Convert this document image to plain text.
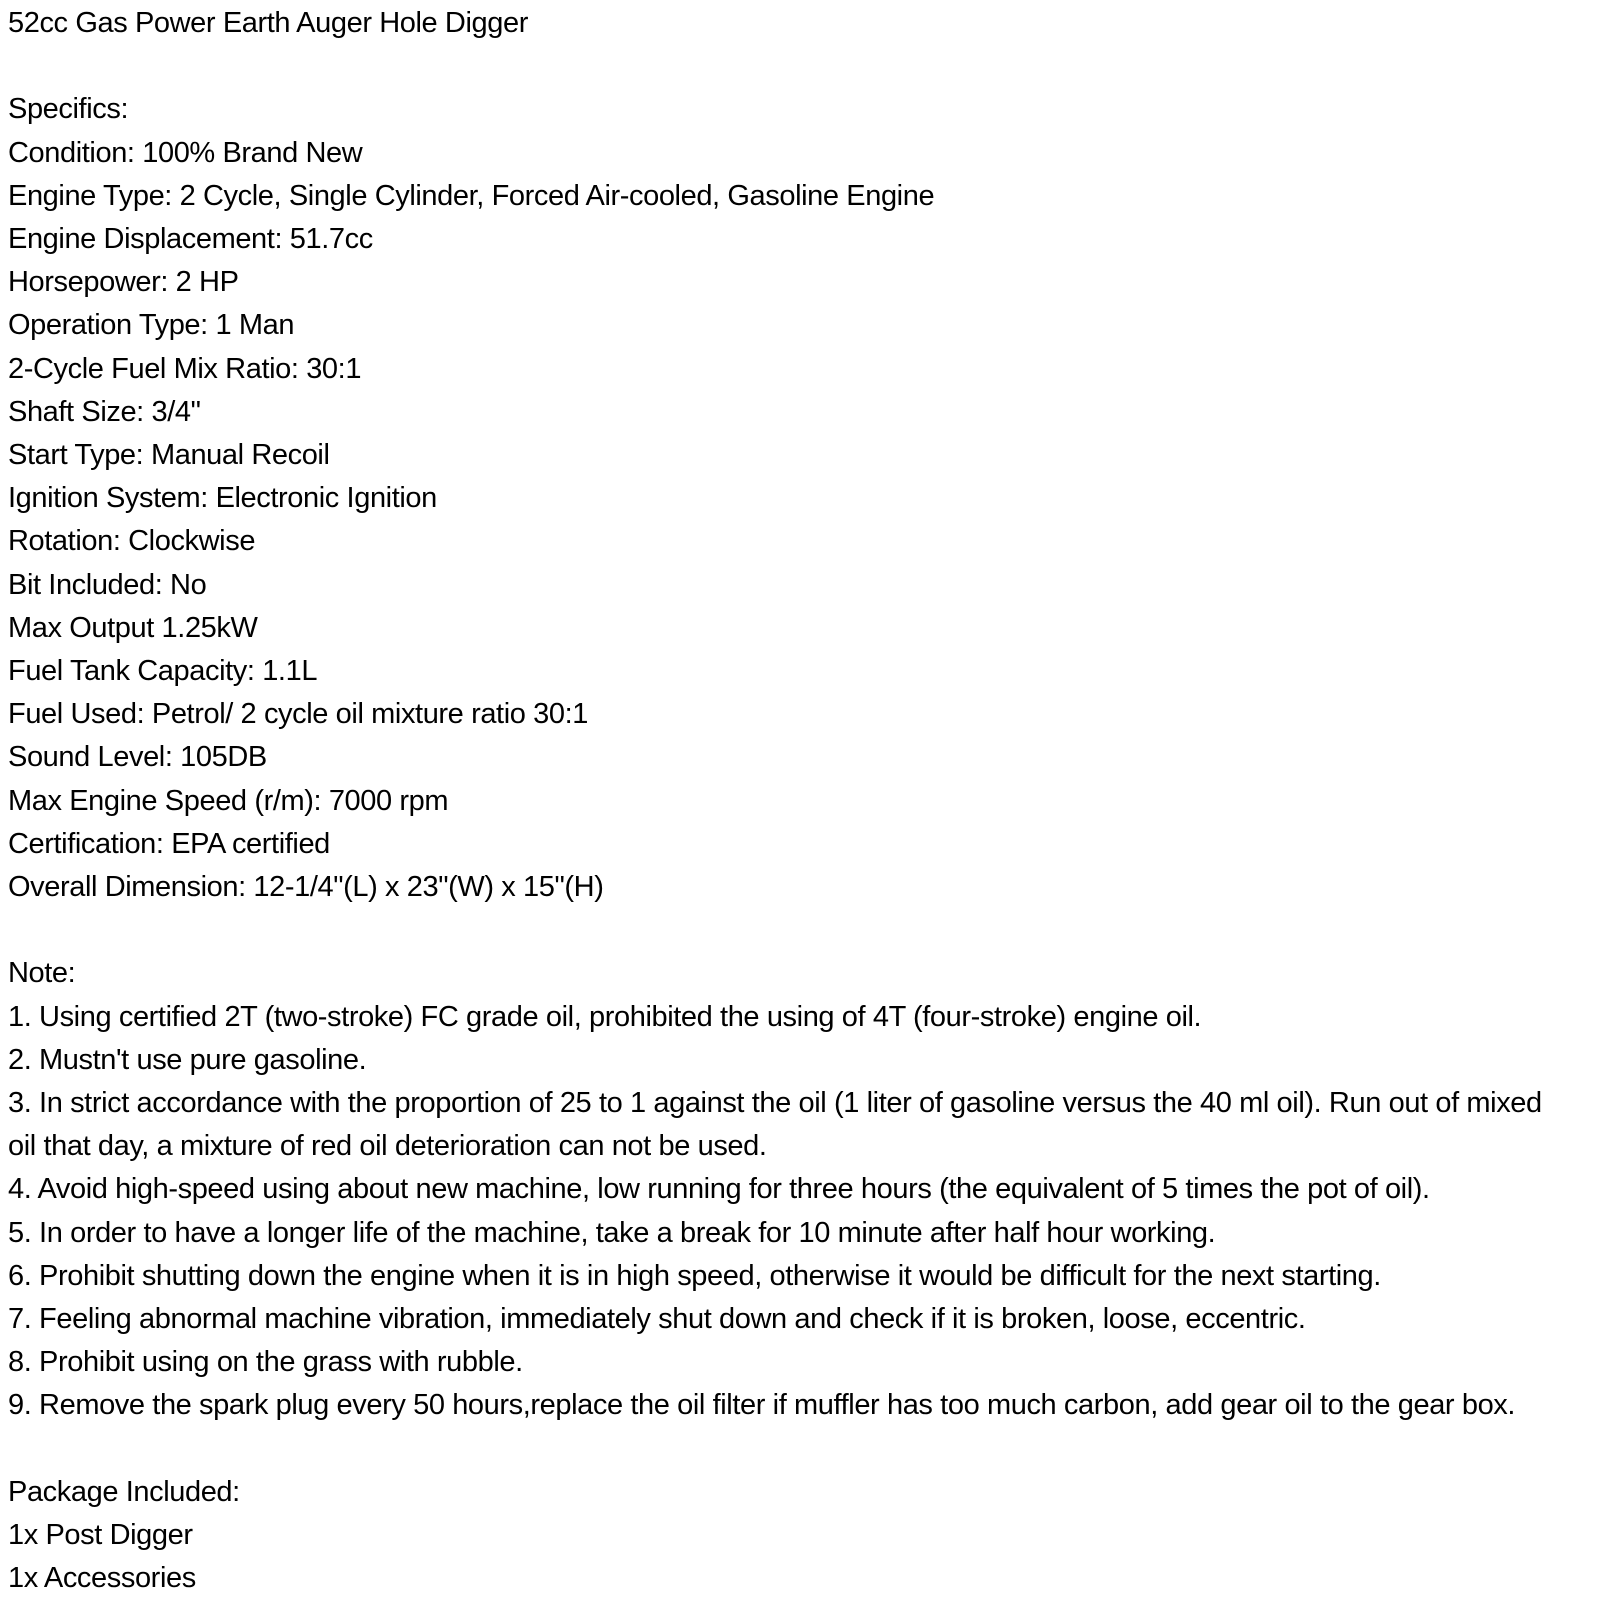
52cc Gas Power Earth Auger Hole Digger
Specifics:
Condition: 100% Brand New
Engine Type: 2 Cycle, Single Cylinder, Forced Air-cooled, Gasoline Engine
Engine Displacement: 51.7cc
Horsepower: 2 HP
Operation Type: 1 Man
2-Cycle Fuel Mix Ratio: 30:1
Shaft Size: 3/4"
Start Type: Manual Recoil
Ignition System: Electronic Ignition
Rotation: Clockwise
Bit Included: No
Max Output 1.25kW
Fuel Tank Capacity: 1.1L
Fuel Used: Petrol/ 2 cycle oil mixture ratio 30:1
Sound Level: 105DB
Max Engine Speed (r/m): 7000 rpm
Certification: EPA certified
Overall Dimension: 12-1/4"(L) x 23"(W) x 15"(H)
Note:
1. Using certified 2T (two-stroke) FC grade oil, prohibited the using of 4T (four-stroke) engine oil.
2. Mustn't use pure gasoline.
3. In strict accordance with the proportion of 25 to 1 against the oil (1 liter of gasoline versus the 40 ml oil). Run out of mixed oil that day, a mixture of red oil deterioration can not be used.
4. Avoid high-speed using about new machine, low running for three hours (the equivalent of 5 times the pot of oil).
5. In order to have a longer life of the machine, take a break for 10 minute after half hour working.
6. Prohibit shutting down the engine when it is in high speed, otherwise it would be difficult for the next starting.
7. Feeling abnormal machine vibration, immediately shut down and check if it is broken, loose, eccentric.
8. Prohibit using on the grass with rubble.
9. Remove the spark plug every 50 hours,replace the oil filter if muffler has too much carbon, add gear oil to the gear box.
Package Included:
1x Post Digger
1x Accessories
